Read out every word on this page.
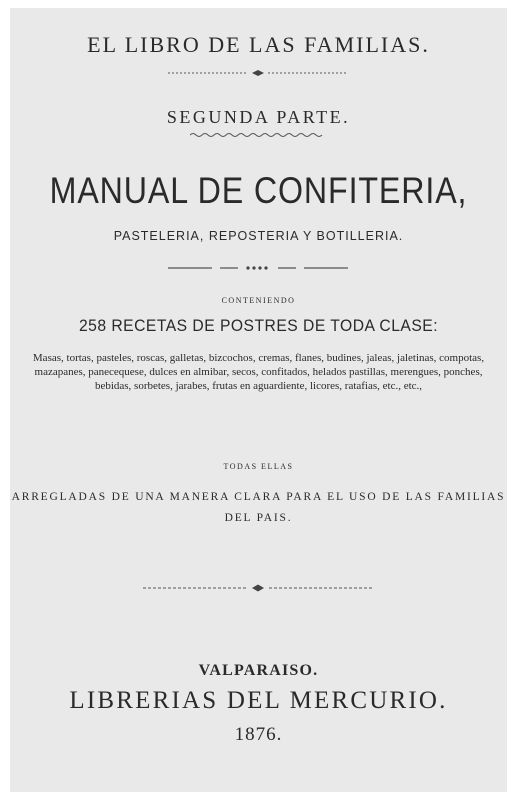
EL LIBRO DE LAS FAMILIAS.

SEGUNDA PARTE.

MANUAL DE CONFITERIA,

PASTELERIA, REPOSTERIA Y BOTILLERIA.

CONTENIENDO

258 RECETAS DE POSTRES DE TODA CLASE:

Masas, tortas, pasteles, roscas, galletas, bizcochos, cremas, flanes, budines, jaleas, jaletinas, compotas, mazapanes, panecequese, dulces en almibar, secos, confitados, helados pastillas, merengues, ponches, bebidas, sorbetes, jarabes, frutas en aguardiente, licores, ratafias, etc., etc.,

TODAS ELLAS

ARREGLADAS DE UNA MANERA CLARA PARA EL USO DE LAS FAMILIAS DEL PAIS.

VALPARAISO.

LIBRERIAS DEL MERCURIO.

1876.
